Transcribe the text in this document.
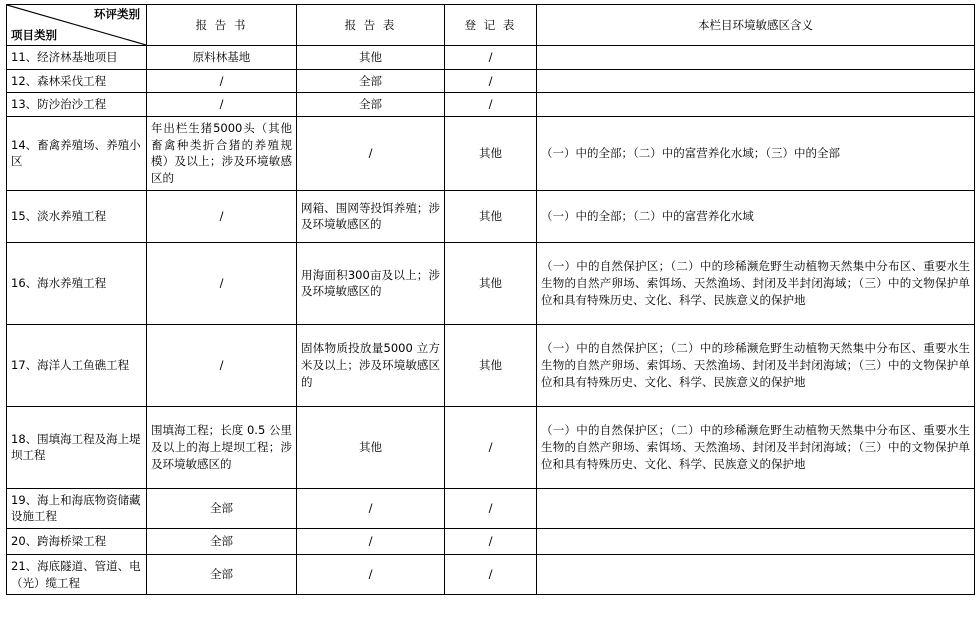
环评类别
项目类别	报 告 书	报 告 表	登 记 表	本栏目环境敏感区含义
11、经济林基地项目	原料林基地	其他	/	
12、森林采伐工程	/	全部	/	
13、防沙治沙工程	/	全部	/	
14、畜禽养殖场、养殖小区	年出栏生猪5000头（其他畜禽种类折合猪的养殖规模）及以上；涉及环境敏感区的	/	其他	（一）中的全部；（二）中的富营养化水域；（三）中的全部
15、淡水养殖工程	/	网箱、围网等投饵养殖；涉及环境敏感区的	其他	（一）中的全部；（二）中的富营养化水域
16、海水养殖工程	/	用海面积300亩及以上；涉及环境敏感区的	其他	（一）中的自然保护区；（二）中的珍稀濒危野生动植物天然集中分布区、重要水生生物的自然产卵场、索饵场、天然渔场、封闭及半封闭海域；（三）中的文物保护单位和具有特殊历史、文化、科学、民族意义的保护地
17、海洋人工鱼礁工程	/	固体物质投放量5000 立方米及以上；涉及环境敏感区的	其他	（一）中的自然保护区；（二）中的珍稀濒危野生动植物天然集中分布区、重要水生生物的自然产卵场、索饵场、天然渔场、封闭及半封闭海域；（三）中的文物保护单位和具有特殊历史、文化、科学、民族意义的保护地
18、围填海工程及海上堤坝工程	围填海工程；长度 0.5 公里及以上的海上堤坝工程；涉及环境敏感区的	其他	/	（一）中的自然保护区；（二）中的珍稀濒危野生动植物天然集中分布区、重要水生生物的自然产卵场、索饵场、天然渔场、封闭及半封闭海域；（三）中的文物保护单位和具有特殊历史、文化、科学、民族意义的保护地
19、海上和海底物资储藏设施工程	全部	/	/	
20、跨海桥梁工程	全部	/	/	
21、海底隧道、管道、电（光）缆工程	全部	/	/	
